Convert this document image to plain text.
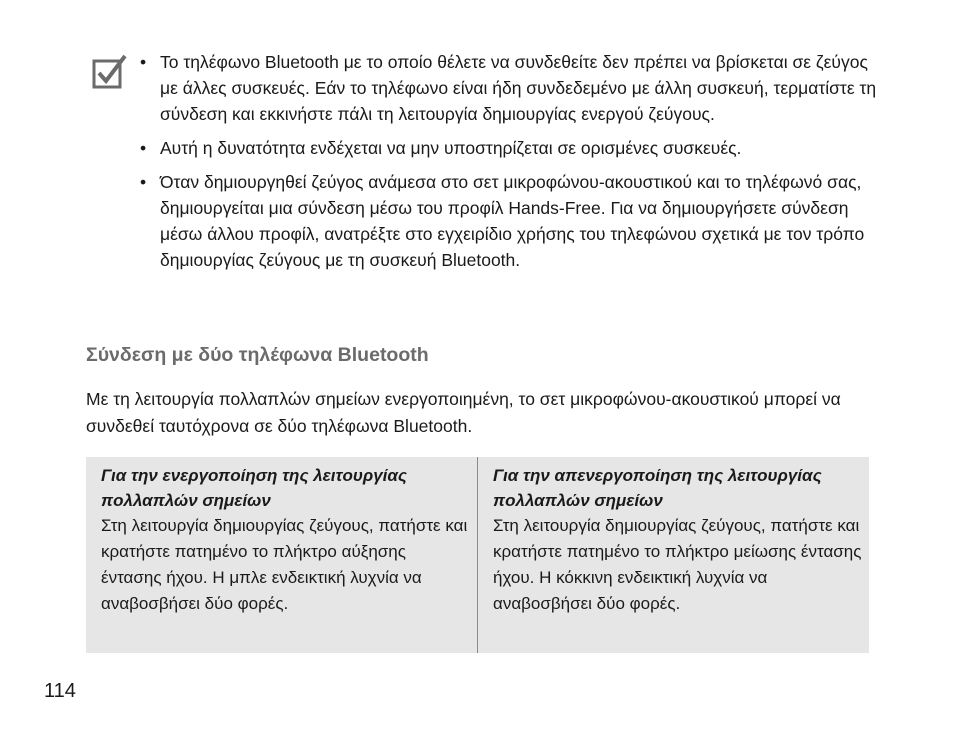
• Το τηλέφωνο Bluetooth με το οποίο θέλετε να συνδεθείτε δεν πρέπει να βρίσκεται σε ζεύγος με άλλες συσκευές. Εάν το τηλέφωνο είναι ήδη συνδεδεμένο με άλλη συσκευή, τερματίστε τη σύνδεση και εκκινήστε πάλι τη λειτουργία δημιουργίας ενεργού ζεύγους.
• Αυτή η δυνατότητα ενδέχεται να μην υποστηρίζεται σε ορισμένες συσκευές.
• Όταν δημιουργηθεί ζεύγος ανάμεσα στο σετ μικροφώνου-ακουστικού και το τηλέφωνό σας, δημιουργείται μια σύνδεση μέσω του προφίλ Hands-Free. Για να δημιουργήσετε σύνδεση μέσω άλλου προφίλ, ανατρέξτε στο εγχειρίδιο χρήσης του τηλεφώνου σχετικά με τον τρόπο δημιουργίας ζεύγους με τη συσκευή Bluetooth.
Σύνδεση με δύο τηλέφωνα Bluetooth

Με τη λειτουργία πολλαπλών σημείων ενεργοποιημένη, το σετ μικροφώνου-ακουστικού μπορεί να συνδεθεί ταυτόχρονα σε δύο τηλέφωνα Bluetooth.

Για την ενεργοποίηση της λειτουργίας πολλαπλών σημείων
Στη λειτουργία δημιουργίας ζεύγους, πατήστε και κρατήστε πατημένο το πλήκτρο αύξησης έντασης ήχου. Η μπλε ενδεικτική λυχνία να αναβοσβήσει δύο φορές.
Για την απενεργοποίηση της λειτουργίας πολλαπλών σημείων
Στη λειτουργία δημιουργίας ζεύγους, πατήστε και κρατήστε πατημένο το πλήκτρο μείωσης έντασης ήχου. Η κόκκινη ενδεικτική λυχνία να αναβοσβήσει δύο φορές.
114
